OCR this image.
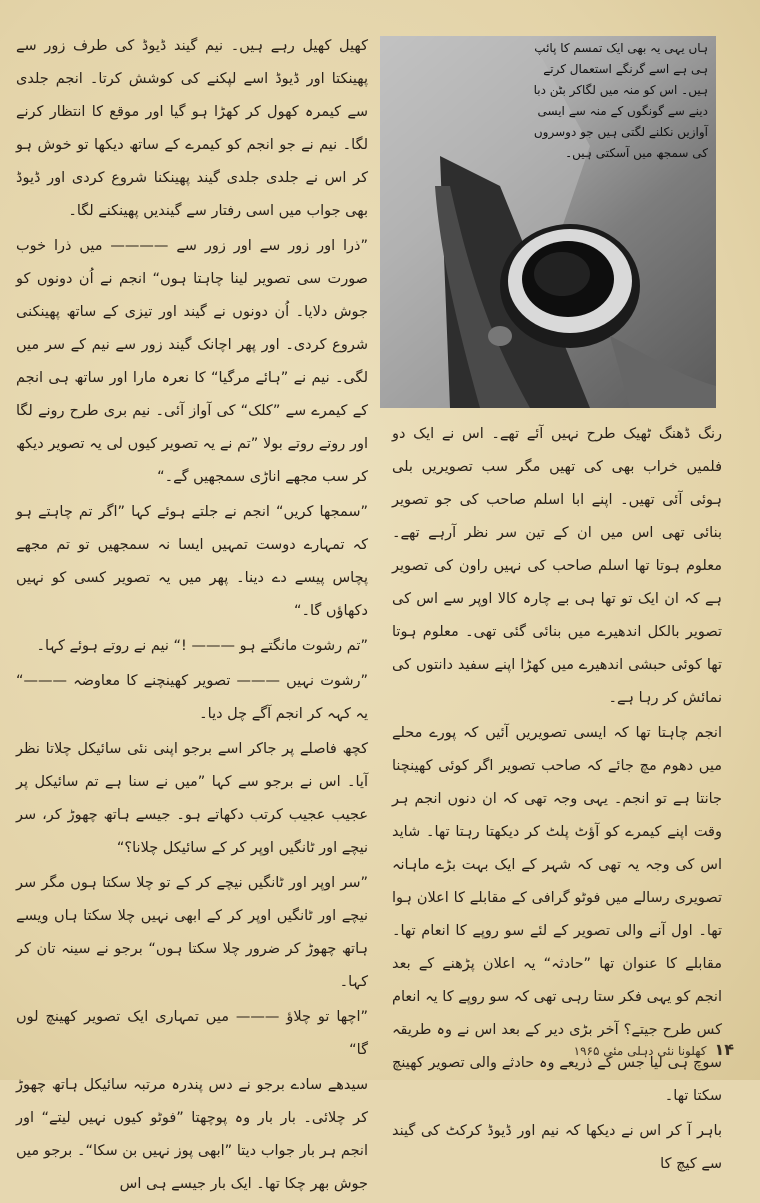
کھیل کھیل رہے ہیں۔ نیم گیند ڈیوڈ کی طرف زور سے پھینکتا اور ڈیوڈ اسے لپکنے کی کوشش کرتا۔ انجم جلدی سے کیمرہ کھول کر کھڑا ہو گیا اور موقع کا انتظار کرنے لگا۔ نیم نے جو انجم کو کیمرے کے ساتھ دیکھا تو خوش ہو کر اس نے جلدی جلدی گیند پھینکنا شروع کردی اور ڈیوڈ بھی جواب میں اسی رفتار سے گیندیں پھینکنے لگا۔

”ذرا اور زور سے اور زور سے ———— میں ذرا خوب صورت سی تصویر لینا چاہتا ہوں“ انجم نے اُن دونوں کو جوش دلایا۔ اُن دونوں نے گیند اور تیزی کے ساتھ پھینکنی شروع کردی۔ اور پھر اچانک گیند زور سے نیم کے سر میں لگی۔ نیم نے ”ہائے مرگیا“ کا نعرہ مارا اور ساتھ ہی انجم کے کیمرے سے ”کلک“ کی آواز آئی۔ نیم بری طرح رونے لگا اور روتے روتے بولا ”تم نے یہ تصویر کیوں لی یہ تصویر دیکھ کر سب مجھے اناڑی سمجھیں گے۔“

”سمجھا کریں“ انجم نے جلتے ہوئے کہا ”اگر تم چاہتے ہو کہ تمہارے دوست تمہیں ایسا نہ سمجھیں تو تم مجھے پچاس پیسے دے دینا۔ پھر میں یہ تصویر کسی کو نہیں دکھاؤں گا۔“

”تم رشوت مانگتے ہو ——— !“ نیم نے روتے ہوئے کہا۔

”رشوت نہیں ——— تصویر کھینچنے کا معاوضہ ———“ یہ کہہ کر انجم آگے چل دیا۔

کچھ فاصلے پر جاکر اسے برجو اپنی نئی سائیکل چلاتا نظر آیا۔ اس نے برجو سے کہا ”میں نے سنا ہے تم سائیکل پر عجیب عجیب کرتب دکھاتے ہو۔ جیسے ہاتھ چھوڑ کر، سر نیچے اور ٹانگیں اوپر کر کے سائیکل چلانا؟“

”سر اوپر اور ٹانگیں نیچے کر کے تو چلا سکتا ہوں مگر سر نیچے اور ٹانگیں اوپر کر کے ابھی نہیں چلا سکتا ہاں ویسے ہاتھ چھوڑ کر ضرور چلا سکتا ہوں“ برجو نے سینہ تان کر کہا۔

”اچھا تو چلاؤ ——— میں تمہاری ایک تصویر کھینچ لوں گا“

سیدھے سادے برجو نے دس پندرہ مرتبہ سائیکل ہاتھ چھوڑ کر چلائی۔ بار بار وہ پوچھتا ”فوٹو کیوں نہیں لیتے“ اور انجم ہر بار جواب دیتا ”ابھی پوز نہیں بن سکا“۔ برجو میں جوش بھر چکا تھا۔ ایک بار جیسے ہی اس

ہاں یہی یہ بھی ایک تمسم کا پائپ ہی ہے اسے گرنگے استعمال کرتے ہیں۔ اس کو منہ میں لگاکر بٹن دبا دینے سے گونگوں کے منہ سے ایسی آوازیں نکلنے لگتی ہیں جو دوسروں کی سمجھ میں آسکتی ہیں۔

رنگ ڈھنگ ٹھیک طرح نہیں آئے تھے۔ اس نے ایک دو فلمیں خراب بھی کی تھیں مگر سب تصویریں بلی ہوئی آئی تھیں۔ اپنے ابا اسلم صاحب کی جو تصویر بنائی تھی اس میں ان کے تین سر نظر آرہے تھے۔ معلوم ہوتا تھا اسلم صاحب کی نہیں راون کی تصویر ہے کہ ان ایک تو تھا ہی بے چارہ کالا اوپر سے اس کی تصویر بالکل اندھیرے میں بنائی گئی تھی۔ معلوم ہوتا تھا کوئی حبشی اندھیرے میں کھڑا اپنے سفید دانتوں کی نمائش کر رہا ہے۔

انجم چاہتا تھا کہ ایسی تصویریں آئیں کہ پورے محلے میں دھوم مچ جائے کہ صاحب تصویر اگر کوئی کھینچنا جانتا ہے تو انجم۔ یہی وجہ تھی کہ ان دنوں انجم ہر وقت اپنے کیمرے کو آؤٹ پلٹ کر دیکھتا رہتا تھا۔ شاید اس کی وجہ یہ تھی کہ شہر کے ایک بہت بڑے ماہانہ تصویری رسالے میں فوٹو گرافی کے مقابلے کا اعلان ہوا تھا۔ اول آنے والی تصویر کے لئے سو روپے کا انعام تھا۔ مقابلے کا عنوان تھا ”حادثہ“ یہ اعلان پڑھنے کے بعد انجم کو یہی فکر ستا رہی تھی کہ سو روپے کا یہ انعام کس طرح جیتے؟ آخر بڑی دیر کے بعد اس نے وہ طریقہ سوچ ہی لیا جس کے ذریعے وہ حادثے والی تصویر کھینچ سکتا تھا۔

باہر آ کر اس نے دیکھا کہ نیم اور ڈیوڈ کرکٹ کی گیند سے کیچ کا

۱۴
کھلونا نئی دہلی مئی ۱۹۶۵
